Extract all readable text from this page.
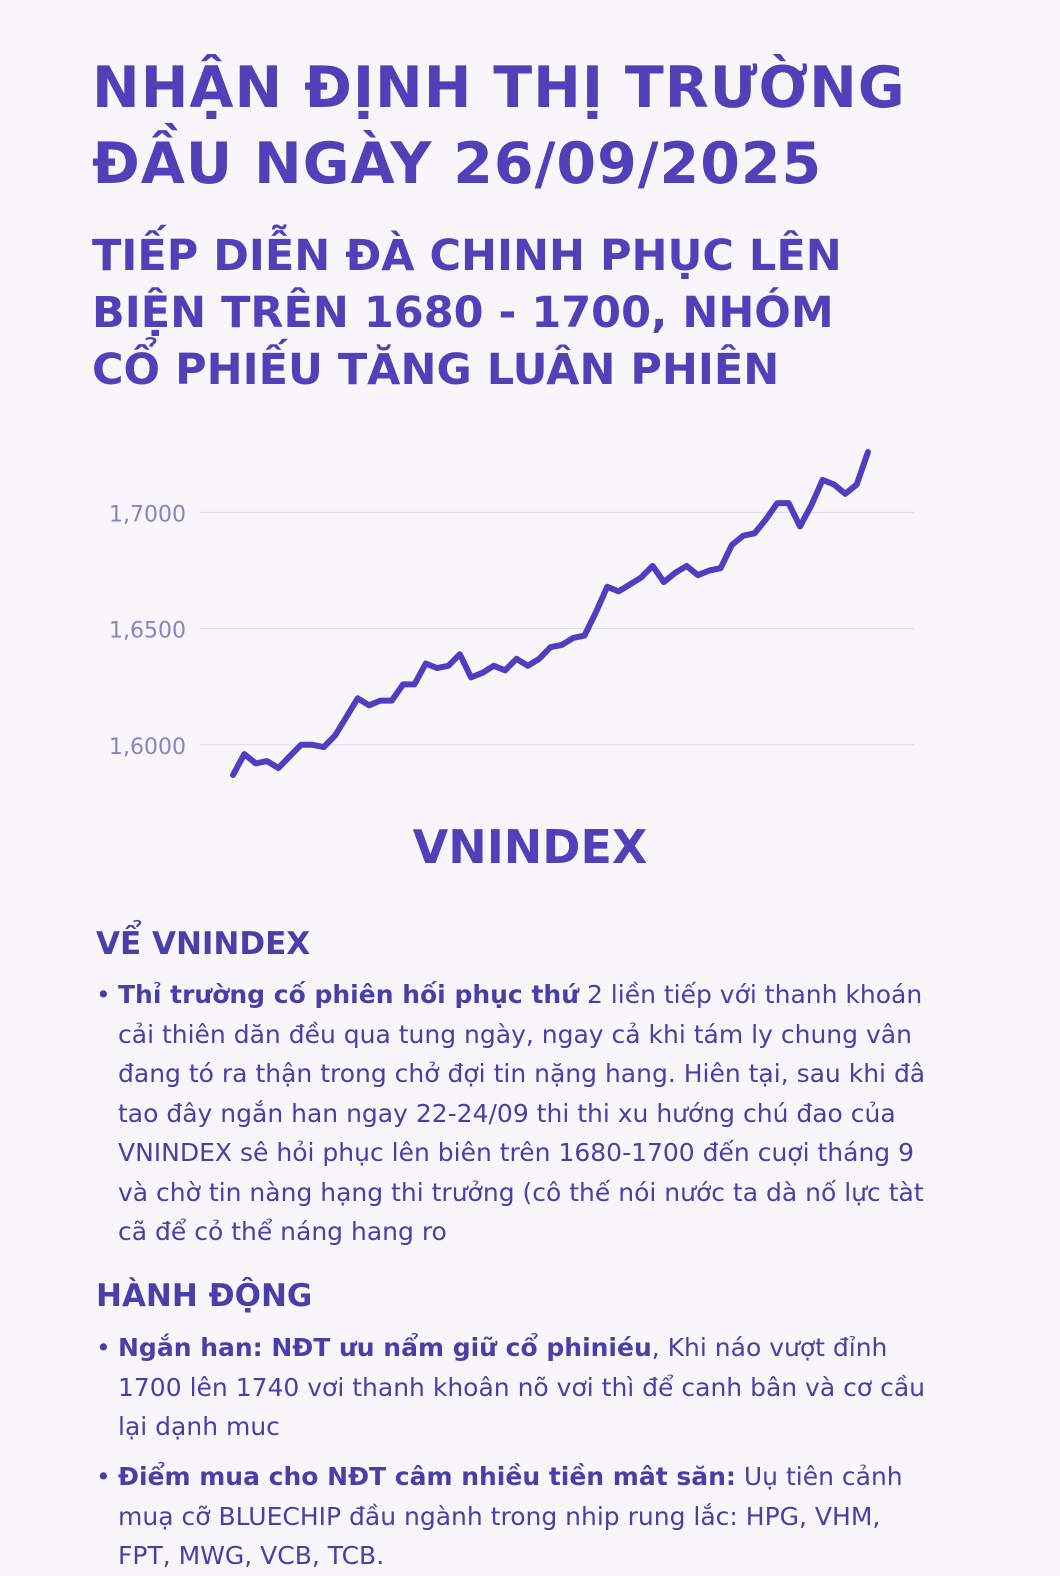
NHẬN ĐỊNH THỊ TRƯỜNG
ĐẦU NGÀY 26/09/2025
TIẾP DIỄN ĐÀ CHINH PHỤC LÊN
BIỆN TRÊN 1680 - 1700, NHÓM
CỔ PHIẾU TĂNG LUÂN PHIÊN
1,6000
1,6500
1,7000

VNINDEX

VỂ VNINDEX
• Thỉ trường cố phiên hối phục thứ 2 liền tiếp với thanh khoán cải thiên dăn đều qua tung ngày, ngay cả khi tám ly chung vân đang tó ra thận trong chở đợi tin nặng hang. Hiên tại, sau khi đâ tao đây ngắn han ngay 22-24/09 thi thi xu hướng chú đao của VNINDEX sê hỏi phục lên biên trên 1680-1700 đến cuợi tháng 9 và chờ tin nàng hạng thi trưởng (cô thế nói nước ta dà nố lực tàt cã để cỏ thể náng hang ro
HÀNH ĐỘNG
• Ngắn han: NĐT ưu nẩm giữ cổ phiniéu, Khi náo vượt đỉnh 1700 lên 1740 vơi thanh khoân nõ vơi thì để canh bân và cơ cầu lại dạnh muc
• Điểm mua cho NĐT câm nhiều tiền mât săn: Uụ tiên cảnh muạ cỡ BLUECHIP đầu ngành trong nhip rung lắc: HPG, VHM, FPT, MWG, VCB, TCB.
